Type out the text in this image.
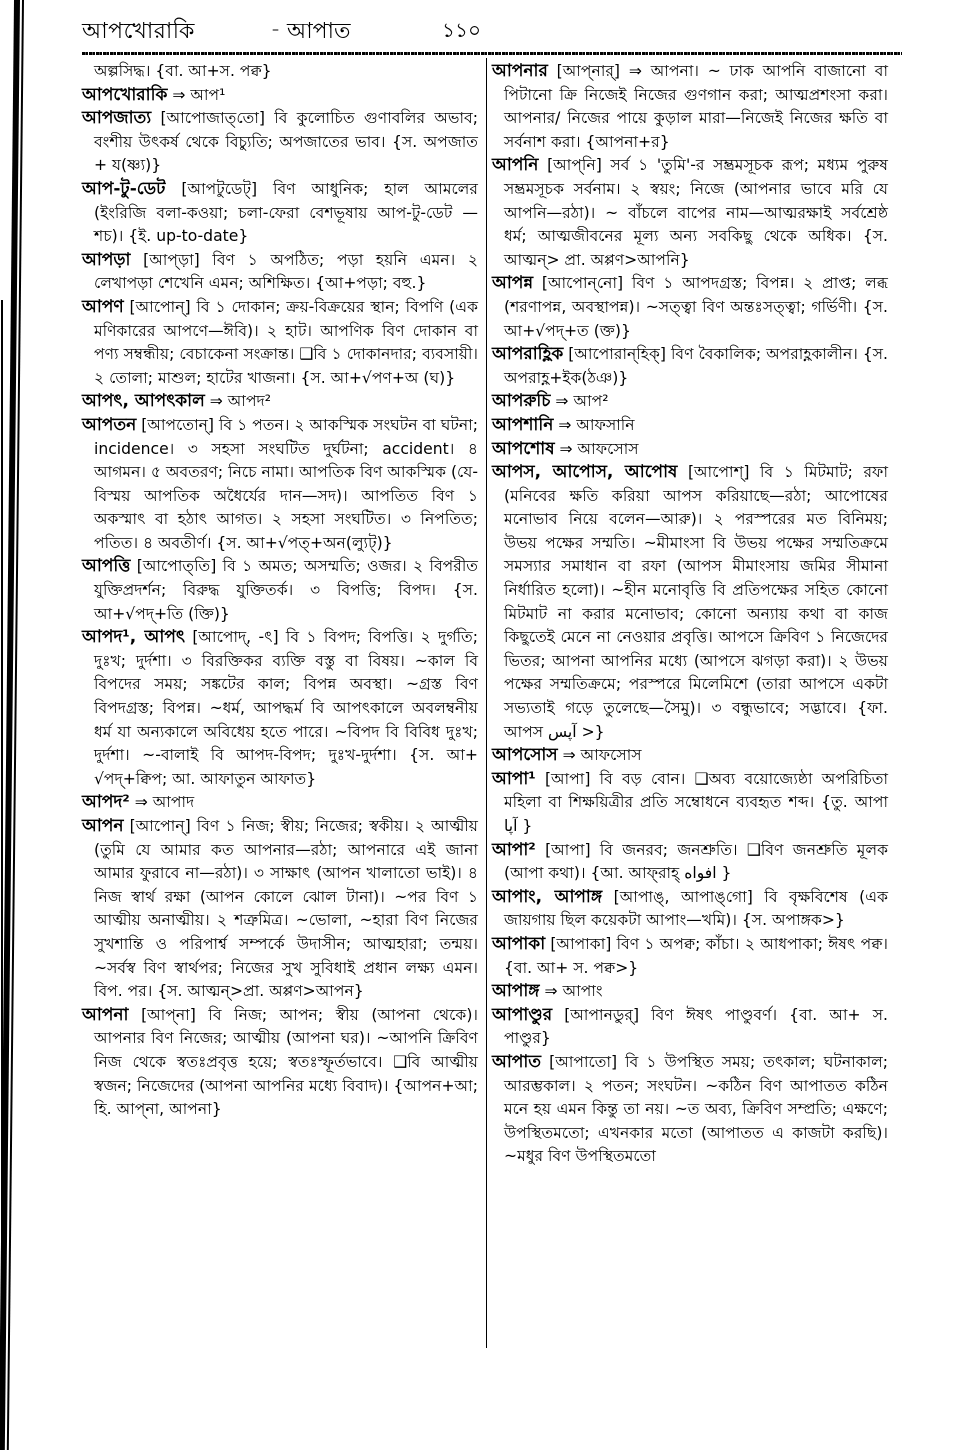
আপখোরাকি	– আপাত	১১০

অল্পসিদ্ধ। {বা. আ+স. পক্ব}

আপখোরাকি ⇒ আপ¹

আপজাত্য [আপোজাত্‌তো] বি কুলোচিত গুণাবলির অভাব; বংশীয় উৎকর্ষ থেকে বিচ্যুতি; অপজাতের ভাব। {স. অপজাত + য(ষ্ণ্য)}

আপ-টু-ডেট [আপটুডেট্] বিণ আধুনিক; হাল আমলের (ইংরিজি বলা-কওয়া; চলা-ফেরা বেশভূষায় আপ-টু-ডেট —শচ)। {ই. up-to-date}

আপড়া [আপ্‌ড়া] বিণ ১ অপঠিত; পড়া হয়নি এমন। ২ লেখাপড়া শেখেনি এমন; অশিক্ষিত। {আ+পড়া; বহু.}

আপণ [আপোন্] বি ১ দোকান; ক্রয়-বিক্রয়ের স্থান; বিপণি (এক মণিকারের আপণে—ঈবি)। ২ হাট। আপণিক বিণ দোকান বা পণ্য সম্বন্ধীয়; বেচাকেনা সংক্রান্ত। ❑বি ১ দোকানদার; ব্যবসায়ী। ২ তোলা; মাশুল; হাটের খাজনা। {স. আ+√পণ+অ (ঘ)}

আপৎ, আপৎকাল ⇒ আপদ²

আপতন [আপতোন্] বি ১ পতন। ২ আকস্মিক সংঘটন বা ঘটনা; incidence। ৩ সহসা সংঘটিত দুর্ঘটনা; accident। ৪ আগমন। ৫ অবতরণ; নিচে নামা। আপতিক বিণ আকস্মিক (যে-বিস্ময় আপতিক অধৈর্যের দান—সদ)। আপতিত বিণ ১ অকস্মাৎ বা হঠাৎ আগত। ২ সহসা সংঘটিত। ৩ নিপতিত; পতিত। ৪ অবতীর্ণ। {স. আ+√পত্+অন(ল্যুট্)}

আপত্তি [আপোত্‌তি] বি ১ অমত; অসম্মতি; ওজর। ২ বিপরীত যুক্তিপ্রদর্শন; বিরুদ্ধ যুক্তিতর্ক। ৩ বিপত্তি; বিপদ। {স. আ+√পদ্+তি (ক্তি)}

আপদ¹, আপৎ [আপোদ্, -ৎ] বি ১ বিপদ; বিপত্তি। ২ দুর্গতি; দুঃখ; দুর্দশা। ৩ বিরক্তিকর ব্যক্তি বস্তু বা বিষয়। ~কাল বি বিপদের সময়; সঙ্কটের কাল; বিপন্ন অবস্থা। ~গ্রস্ত বিণ বিপদগ্রস্ত; বিপন্ন। ~ধর্ম, আপদ্ধর্ম বি আপৎকালে অবলম্বনীয় ধর্ম যা অন্যকালে অবিধেয় হতে পারে। ~বিপদ বি বিবিধ দুঃখ; দুর্দশা। ~-বালাই বি আপদ-বিপদ; দুঃখ-দুর্দশা। {স. আ+ √পদ্+ক্বিপ; আ. আফাতুন আফাত}

আপদ² ⇒ আপাদ

আপন [আপোন্] বিণ ১ নিজ; স্বীয়; নিজের; স্বকীয়। ২ আত্মীয় (তুমি যে আমার কত আপনার—রঠা; আপনারে এই জানা আমার ফুরাবে না—রঠা)। ৩ সাক্ষাৎ (আপন খালাতো ভাই)। ৪ নিজ স্বার্থ রক্ষা (আপন কোলে ঝোল টানা)। ~পর বিণ ১ আত্মীয় অনাত্মীয়। ২ শত্রুমিত্র। ~ভোলা, ~হারা বিণ নিজের সুখশান্তি ও পরিপার্শ্ব সম্পর্কে উদাসীন; আত্মহারা; তন্ময়। ~সর্বস্ব বিণ স্বার্থপর; নিজের সুখ সুবিধাই প্রধান লক্ষ্য এমন। বিপ. পর। {স. আত্মন্>প্রা. অপ্পণ>আপন}

আপনা [আপ্‌না] বি নিজ; আপন; স্বীয় (আপনা থেকে)। আপনার বিণ নিজের; আত্মীয় (আপনা ঘর)। ~আপনি ক্রিবিণ নিজ থেকে স্বতঃপ্রবৃত্ত হয়ে; স্বতঃস্ফূর্তভাবে। ❑বি আত্মীয় স্বজন; নিজেদের (আপনা আপনির মধ্যে বিবাদ)। {আপন+আ; হি. আপ্‌না, আপনা}

আপনার [আপ্‌নার্] ⇒ আপনা। ~ ঢাক আপনি বাজানো বা পিটানো ক্রি নিজেই নিজের গুণগান করা; আত্মপ্রশংসা করা। আপনার/ নিজের পায়ে কুড়াল মারা—নিজেই নিজের ক্ষতি বা সর্বনাশ করা। {আপনা+র}

আপনি [আপ্‌নি] সর্ব ১ 'তুমি'-র সম্ভ্রমসূচক রূপ; মধ্যম পুরুষ সম্ভ্রমসূচক সর্বনাম। ২ স্বয়ং; নিজে (আপনার ভাবে মরি যে আপনি—রঠা)। ~ বাঁচলে বাপের নাম—আত্মরক্ষাই সর্বশ্রেষ্ঠ ধর্ম; আত্মজীবনের মূল্য অন্য সবকিছু থেকে অধিক। {স. আত্মন্> প্রা. অপ্পণ>আপনি}

আপন্ন [আপোন্‌নো] বিণ ১ আপদগ্রস্ত; বিপন্ন। ২ প্রাপ্ত; লব্ধ (শরণাপন্ন, অবস্থাপন্ন)। ~সত্ত্বা বিণ অন্তঃসত্ত্বা; গর্ভিণী। {স. আ+√পদ্+ত (ক্ত)}

আপরাহ্ণিক [আপোরান্‌হিক্] বিণ বৈকালিক; অপরাহ্ণকালীন। {স. অপরাহ্ণ+ইক(ঠঞ)}

আপরুচি ⇒ আপ²

আপশানি ⇒ আফসানি

আপশোষ ⇒ আফসোস

আপস, আপোস, আপোষ [আপোশ্] বি ১ মিটমাট; রফা (মনিবের ক্ষতি করিয়া আপস করিয়াছে—রঠা; আপোষের মনোভাব নিয়ে বলেন—আরু)। ২ পরস্পরের মত বিনিময়; উভয় পক্ষের সম্মতি। ~মীমাংসা বি উভয় পক্ষের সম্মতিক্রমে সমস্যার সমাধান বা রফা (আপস মীমাংসায় জমির সীমানা নির্ধারিত হলো)। ~হীন মনোবৃত্তি বি প্রতিপক্ষের সহিত কোনো মিটমাট না করার মনোভাব; কোনো অন্যায় কথা বা কাজ কিছুতেই মেনে না নেওয়ার প্রবৃত্তি। আপসে ক্রিবিণ ১ নিজেদের ভিতর; আপনা আপনির মধ্যে (আপসে ঝগড়া করা)। ২ উভয় পক্ষের সম্মতিক্রমে; পরস্পরে মিলেমিশে (তারা আপসে একটা সভ্যতাই গড়ে তুলেছে—সৈমু)। ৩ বন্ধুভাবে; সদ্ভাবে। {ফা. আপস آپس >}

আপসোস ⇒ আফসোস

আপা¹ [আপা] বি বড় বোন। ❑অব্য বয়োজ্যেষ্ঠা অপরিচিতা মহিলা বা শিক্ষয়িত্রীর প্রতি সম্বোধনে ব্যবহৃত শব্দ। {তু. আপা آپا }

আপা² [আপা] বি জনরব; জনশ্রুতি। ❑বিণ জনশ্রুতি মূলক (আপা কথা)। {আ. আফ্‌রাহ্ افواه }

আপাং, আপাঙ্গ [আপাঙ্, আপাঙ্‌গো] বি বৃক্ষবিশেষ (এক জায়গায় ছিল কয়েকটা আপাং—খমি)। {স. অপাঙ্গক>}

আপাকা [আপাকা] বিণ ১ অপক্ব; কাঁচা। ২ আধপাকা; ঈষৎ পক্ব। {বা. আ+ স. পক্ব>}

আপাঙ্গ ⇒ আপাং

আপাণ্ডুর [আপানডুর্] বিণ ঈষৎ পাণ্ডুবর্ণ। {বা. আ+ স. পাণ্ডুর}

আপাত [আপাতো] বি ১ উপস্থিত সময়; তৎকাল; ঘটনাকাল; আরম্ভকাল। ২ পতন; সংঘটন। ~কঠিন বিণ আপাতত কঠিন মনে হয় এমন কিন্তু তা নয়। ~ত অব্য, ক্রিবিণ সম্প্রতি; এক্ষণে; উপস্থিতমতো; এখনকার মতো (আপাতত এ কাজটা করছি)। ~মধুর বিণ উপস্থিতমতো
